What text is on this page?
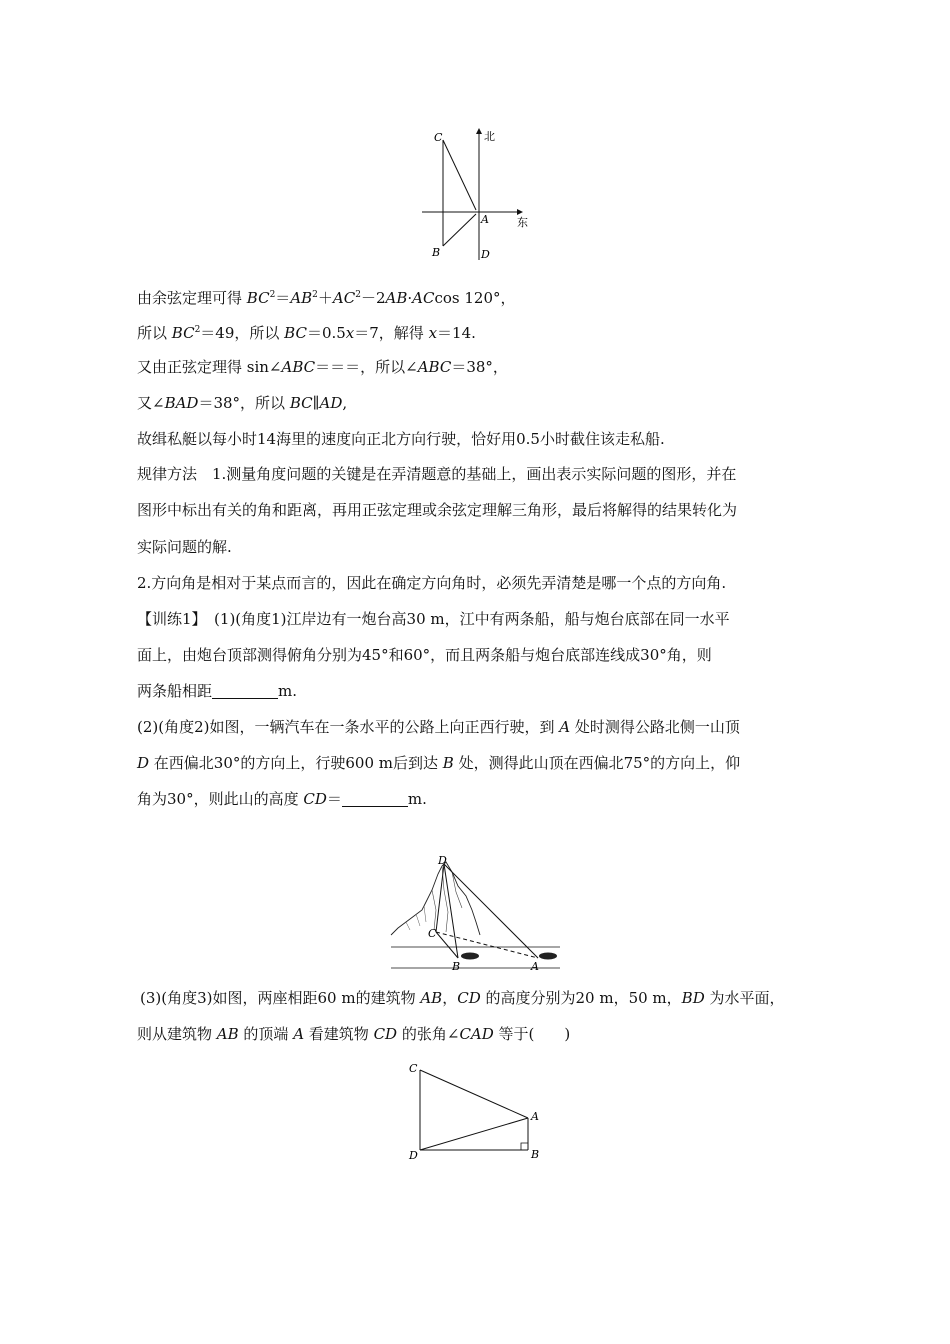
C	北
A	东
B	D
由余弦定理可得 $BC^2=AB^2+AC^2-2AB\cdot ACcos$ 120°，
所以 $BC^2=49$，所以 BC＝0.5x＝7，解得 x＝14.
又由正弦定理得 sin∠ABC＝＝＝，所以∠ABC＝38°，
又∠BAD＝38°，所以 BC∥AD,
故缉私艇以每小时14海里的速度向正北方向行驶，恰好用0.5小时截住该走私船.
规律方法　1.测量角度问题的关键是在弄清题意的基础上，画出表示实际问题的图形，并在
图形中标出有关的角和距离，再用正弦定理或余弦定理解三角形，最后将解得的结果转化为
实际问题的解.
2.方向角是相对于某点而言的，因此在确定方向角时，必须先弄清楚是哪一个点的方向角.
【训练1】　(1)(角度1)江岸边有一炮台高30 m，江中有两条船，船与炮台底部在同一水平
面上，由炮台顶部测得俯角分别为45°和60°，而且两条船与炮台底部连线成30°角，则
两条船相距	m.
(2)(角度2)如图，一辆汽车在一条水平的公路上向正西行驶，到 A 处时测得公路北侧一山顶
D 在西偏北30°的方向上，行驶600 m后到达 B 处，测得此山顶在西偏北75°的方向上，仰
角为30°，则此山的高度 CD＝	m.
D
C
B	A
(3)(角度3)如图，两座相距60 m的建筑物 AB，CD 的高度分别为20 m，50 m，BD 为水平面，
则从建筑物 AB 的顶端 A 看建筑物 CD 的张角∠CAD 等于(　　)
C
A
D	B
